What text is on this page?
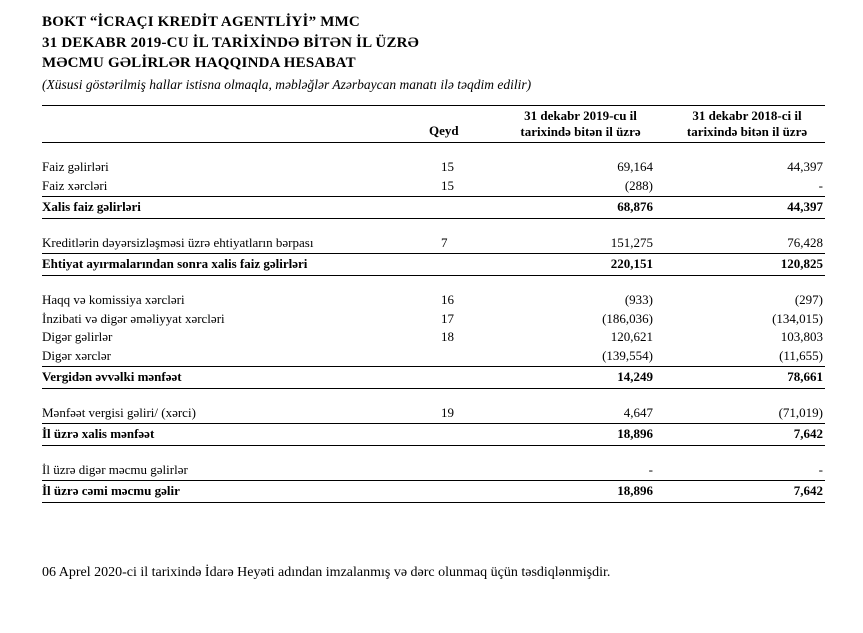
BOKT “İCRAÇI KREDİT AGENTLİYİ” MMC
31 DEKABR 2019-CU İL TARİXİNDƏ BİTƏN İL ÜZRƏ
MƏCMU GƏLİRLƏR HAQQINDA HESABAT
(Xüsusi göstərilmiş hallar istisna olmaqla, məbləğlər Azərbaycan manatı ilə təqdim edilir)
	Qeyd	31 dekabr 2019-cu il tarixində bitən il üzrə	31 dekabr 2018-ci il tarixində bitən il üzrə

Faiz gəlirləri	15	69,164	44,397
Faiz xərcləri	15	(288)	-
Xalis faiz gəlirləri		68,876	44,397

Kreditlərin dəyərsizləşməsi üzrə ehtiyatların bərpası	7	151,275	76,428
Ehtiyat ayırmalarından sonra xalis faiz gəlirləri		220,151	120,825

Haqq və komissiya xərcləri	16	(933)	(297)
İnzibati və digər əməliyyat xərcləri	17	(186,036)	(134,015)
Digər gəlirlər	18	120,621	103,803
Digər xərclər		(139,554)	(11,655)
Vergidən əvvəlki mənfəət		14,249	78,661

Mənfəət vergisi gəliri/ (xərci)	19	4,647	(71,019)
İl üzrə xalis mənfəət		18,896	7,642

İl üzrə digər məcmu gəlirlər		-	-
İl üzrə cəmi məcmu gəlir		18,896	7,642
06 Aprel 2020-ci il tarixində İdarə Heyəti adından imzalanmış və dərc olunmaq üçün təsdiqlənmişdir.
